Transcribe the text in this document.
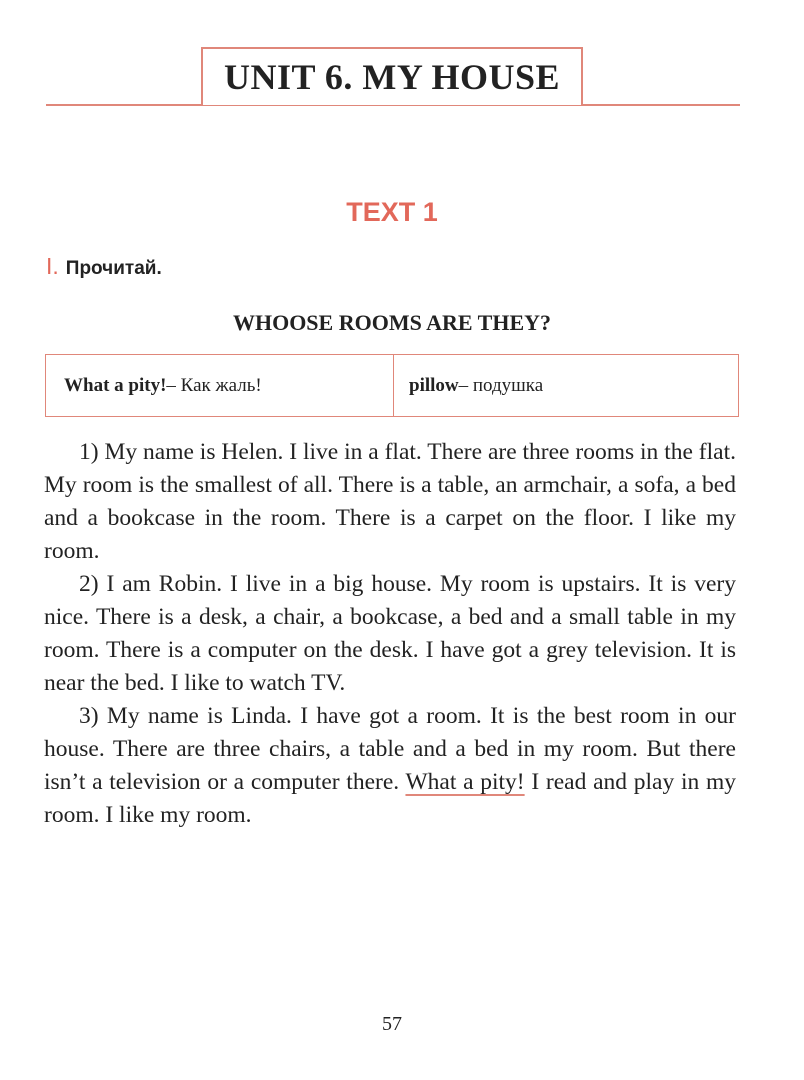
UNIT 6. MY HOUSE
TEXT 1
I. Прочитай.
WHOOSE ROOMS ARE THEY?
What a pity! – Как жаль!	pillow – подушка

1) My name is Helen. I live in a flat. There are three rooms in the flat. My room is the smallest of all. There is a table, an armchair, a sofa, a bed and a bookcase in the room. There is a carpet on the floor. I like my room.

2) I am Robin. I live in a big house. My room is upstairs. It is very nice. There is a desk, a chair, a bookcase, a bed and a small table in my room. There is a computer on the desk. I have got a grey television. It is near the bed. I like to watch TV.

3) My name is Linda. I have got a room. It is the best room in our house. There are three chairs, a table and a bed in my room. But there isn’t a television or a computer there. What a pity! I read and play in my room. I like my room.

57
